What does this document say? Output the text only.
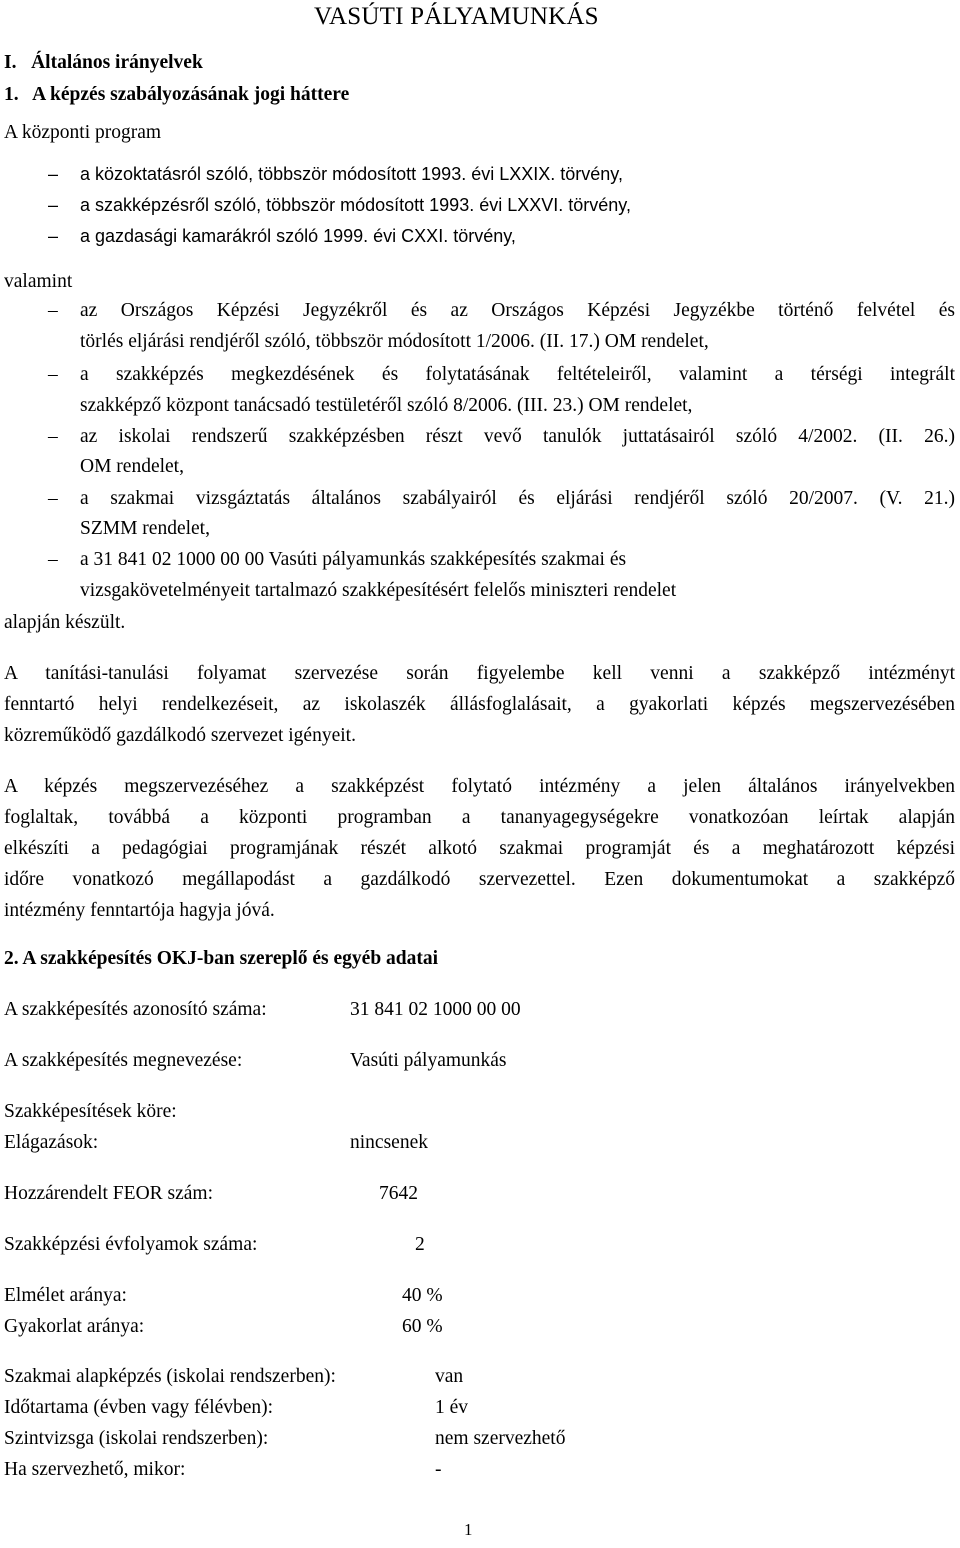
VASÚTI PÁLYAMUNKÁS
I.   Általános irányelvek
1.   A képzés szabályozásának jogi háttere
A központi program
– a közoktatásról szóló, többször módosított 1993. évi LXXIX. törvény,
– a szakképzésről szóló, többször módosított 1993. évi LXXVI. törvény,
– a gazdasági kamarákról szóló 1999. évi CXXI. törvény,
valamint
– az Országos Képzési Jegyzékről és az Országos Képzési Jegyzékbe történő felvétel és
törlés eljárási rendjéről szóló, többször módosított 1/2006. (II. 17.) OM rendelet,
– a szakképzés megkezdésének és folytatásának feltételeiről, valamint a térségi integrált
szakképző központ tanácsadó testületéről szóló 8/2006. (III. 23.) OM rendelet,
– az iskolai rendszerű szakképzésben részt vevő tanulók juttatásairól szóló 4/2002. (II. 26.)
OM rendelet,
– a szakmai vizsgáztatás általános szabályairól és eljárási rendjéről szóló 20/2007. (V. 21.)
SZMM rendelet,
– a 31 841 02 1000 00 00 Vasúti pályamunkás szakképesítés szakmai és
vizsgakövetelményeit tartalmazó szakképesítésért felelős miniszteri rendelet
alapján készült.
A tanítási-tanulási folyamat szervezése során figyelembe kell venni a szakképző intézményt
fenntartó helyi rendelkezéseit, az iskolaszék állásfoglalásait, a gyakorlati képzés megszervezésében
közreműködő gazdálkodó szervezet igényeit.
A képzés megszervezéséhez a szakképzést folytató intézmény a jelen általános irányelvekben
foglaltak, továbbá a központi programban a tananyagegységekre vonatkozóan leírtak alapján
elkészíti a pedagógiai programjának részét alkotó szakmai programját és a meghatározott képzési
időre vonatkozó megállapodást a gazdálkodó szervezettel. Ezen dokumentumokat a szakképző
intézmény fenntartója hagyja jóvá.
2. A szakképesítés OKJ-ban szereplő és egyéb adatai
A szakképesítés azonosító száma:	31 841 02 1000 00 00
A szakképesítés megnevezése:	Vasúti pályamunkás
Szakképesítések köre:
Elágazások:	nincsenek
Hozzárendelt FEOR szám:	7642
Szakképzési évfolyamok száma:	2
Elmélet aránya:	40 %
Gyakorlat aránya:	60 %
Szakmai alapképzés (iskolai rendszerben):	van
Időtartama (évben vagy félévben):	1 év
Szintvizsga (iskolai rendszerben):	nem szervezhető
Ha szervezhető, mikor:	-
1
